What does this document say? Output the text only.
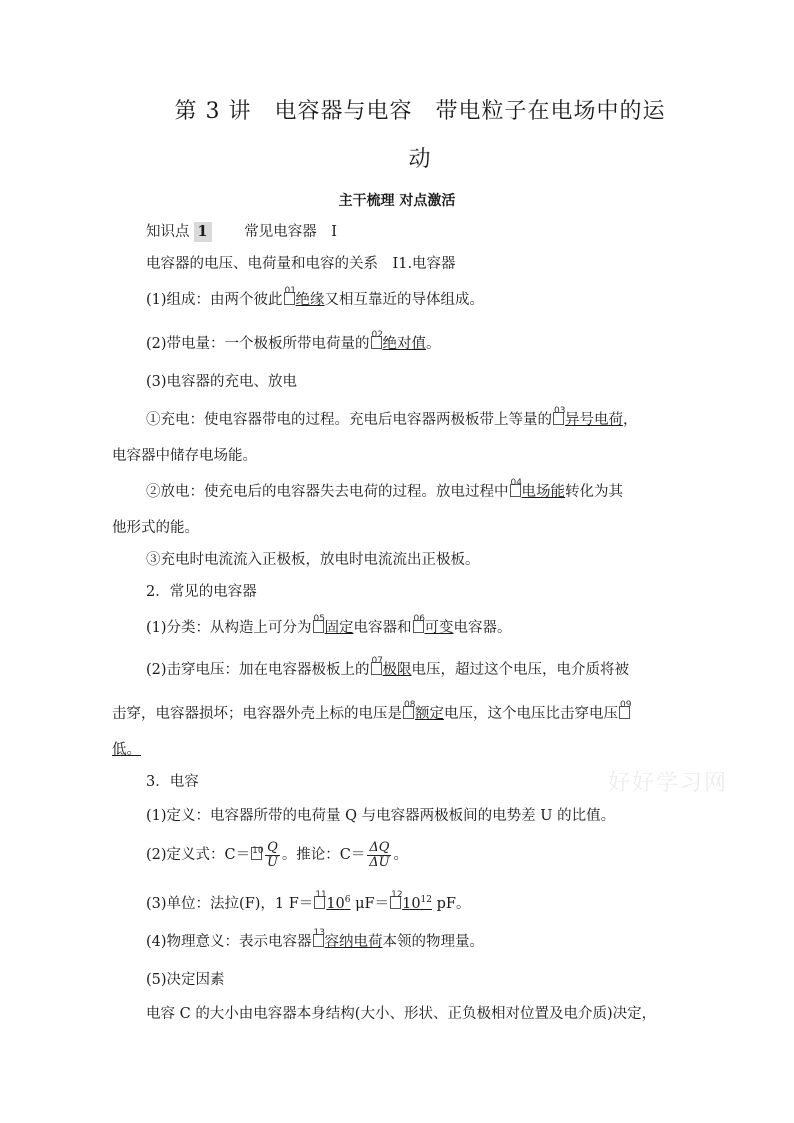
第 3 讲　电容器与电容　带电粒子在电场中的运
动
主干梳理 对点激活
知识点 1	常见电容器　Ⅰ
电容器的电压、电荷量和电容的关系　Ⅰ1.电容器
(1)组成：由两个彼此
01
绝缘又相互靠近的导体组成。
(2)带电量：一个极板所带电荷量的
02
绝对值。
(3)电容器的充电、放电
①充电：使电容器带电的过程。充电后电容器两极板带上等量的
03
异号电荷，
电容器中储存电场能。
②放电：使充电后的电容器失去电荷的过程。放电过程中
04
电场能转化为其
他形式的能。
③充电时电流流入正极板，放电时电流流出正极板。
2．常见的电容器
(1)分类：从构造上可分为
05
固定电容器和
06
可变电容器。
(2)击穿电压：加在电容器极板上的
07
极限电压，超过这个电压，电介质将被
击穿，电容器损坏；电容器外壳上标的电压是
08
额定电压，这个电压比击穿电压
09
低。
3．电容
(1)定义：电容器所带的电荷量 Q 与电容器两极板间的电势差 U 的比值。
(2)定义式：$C= 10 \frac{Q}{U}$ 。推论：$C= \frac{\Delta Q}{\Delta U}$ 。
(3)单位：法拉(F)，1 F＝
11
$10^6$ μF＝
12
$10^{12}$ pF。
(4)物理意义：表示电容器
13
容纳电荷本领的物理量。
(5)决定因素
电容 C 的大小由电容器本身结构(大小、形状、正负极相对位置及电介质)决定，
好好学习网
